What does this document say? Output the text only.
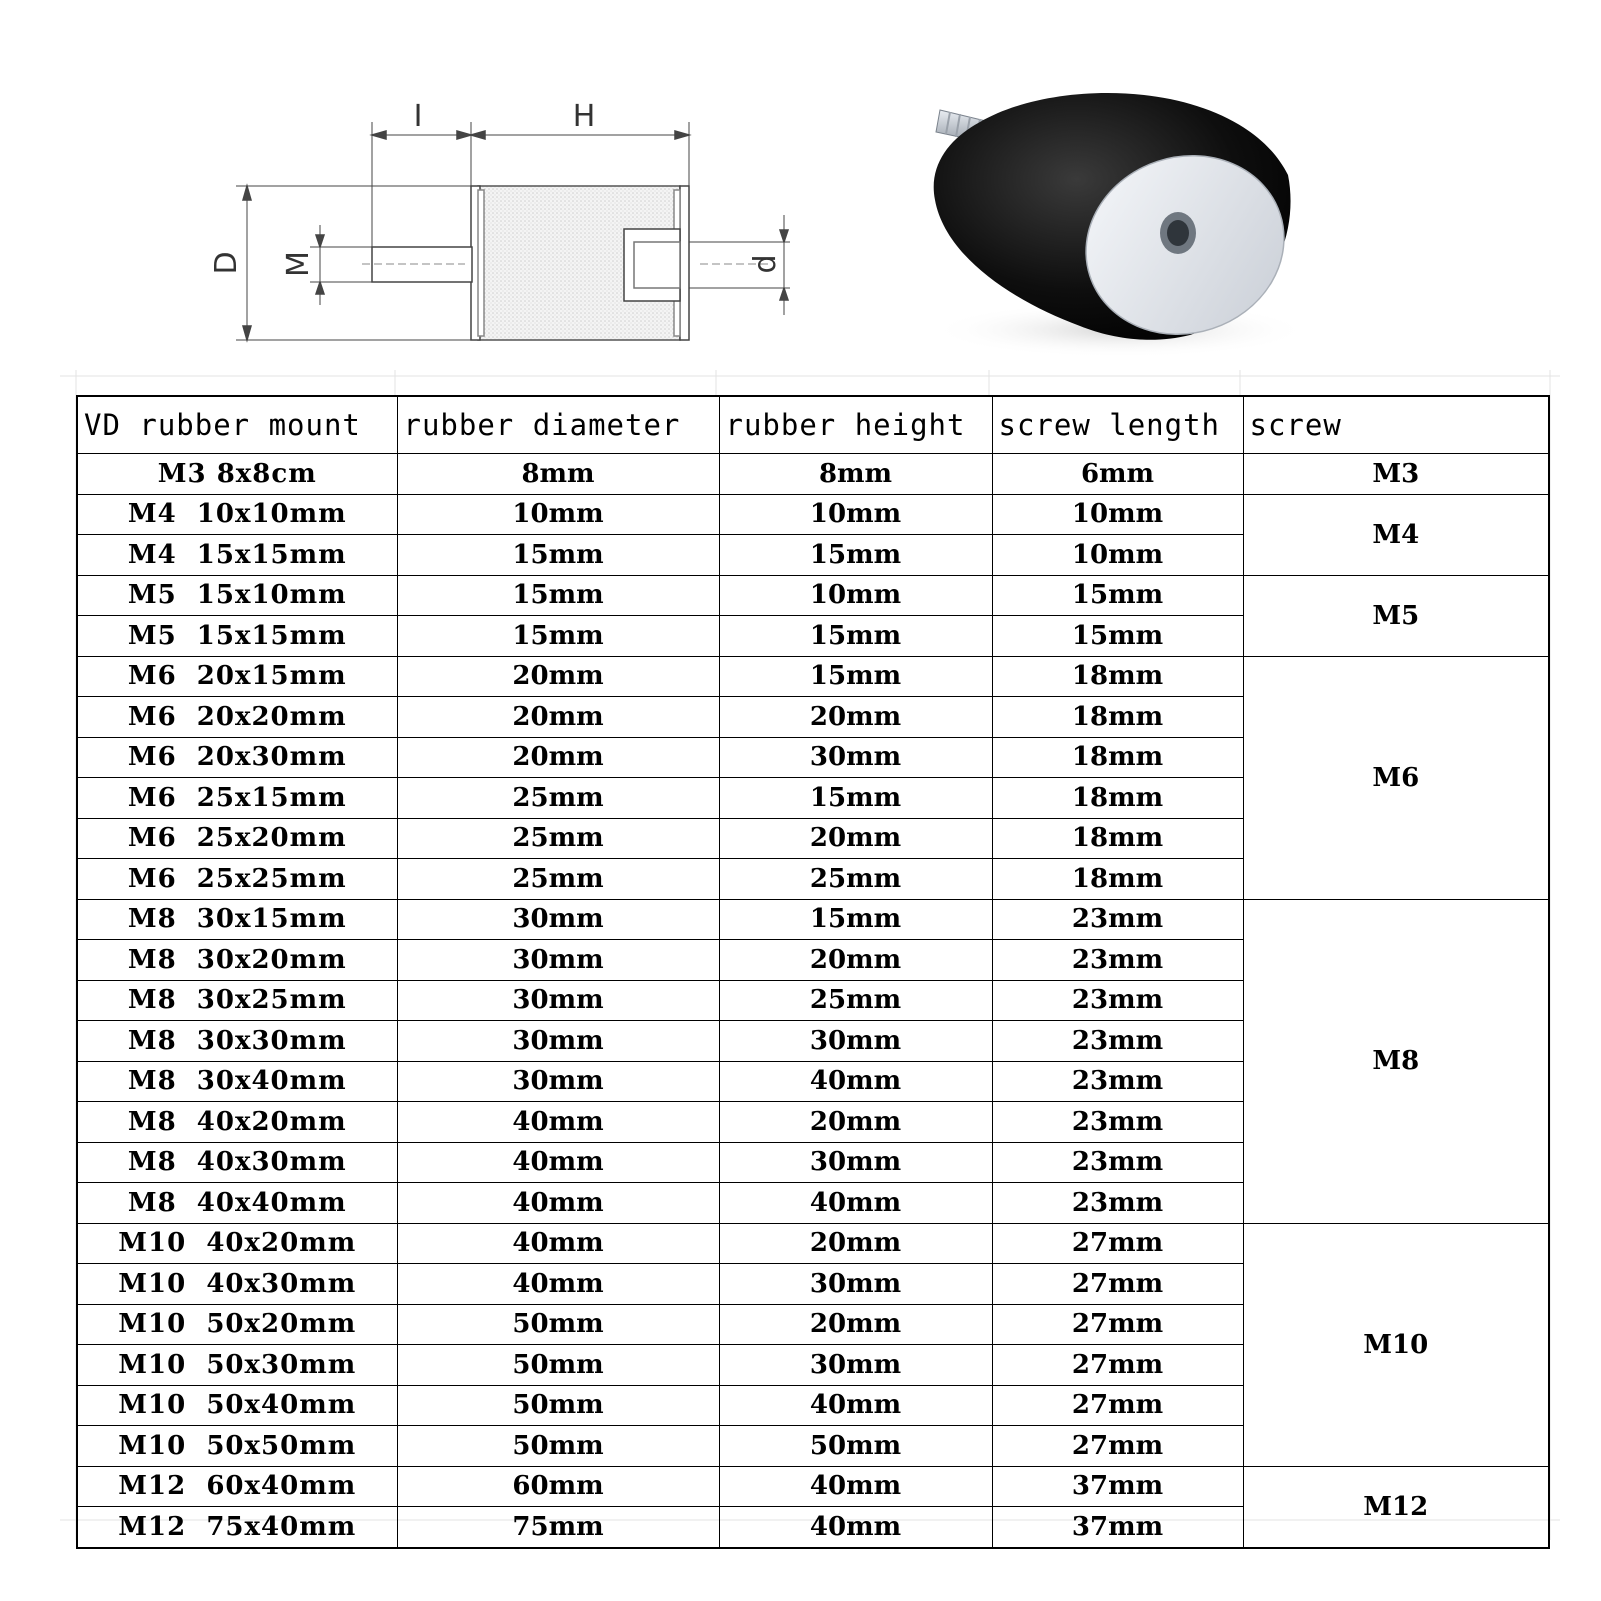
I	H
D M	d
VD rubber mount	rubber diameter	rubber height	screw length	screw
M3 8x8cm	8mm	8mm	6mm	M3
M4  10x10mm	10mm	10mm	10mm	M4
M4  15x15mm	15mm	15mm	10mm	
M5  15x10mm	15mm	10mm	15mm	M5
M5  15x15mm	15mm	15mm	15mm	
M6  20x15mm	20mm	15mm	18mm	M6
M6  20x20mm	20mm	20mm	18mm	
M6  20x30mm	20mm	30mm	18mm	
M6  25x15mm	25mm	15mm	18mm	
M6  25x20mm	25mm	20mm	18mm	
M6  25x25mm	25mm	25mm	18mm	
M8  30x15mm	30mm	15mm	23mm	M8
M8  30x20mm	30mm	20mm	23mm	
M8  30x25mm	30mm	25mm	23mm	
M8  30x30mm	30mm	30mm	23mm	
M8  30x40mm	30mm	40mm	23mm	
M8  40x20mm	40mm	20mm	23mm	
M8  40x30mm	40mm	30mm	23mm	
M8  40x40mm	40mm	40mm	23mm	
M10  40x20mm	40mm	20mm	27mm	M10
M10  40x30mm	40mm	30mm	27mm	
M10  50x20mm	50mm	20mm	27mm	
M10  50x30mm	50mm	30mm	27mm	
M10  50x40mm	50mm	40mm	27mm	
M10  50x50mm	50mm	50mm	27mm	
M12  60x40mm	60mm	40mm	37mm	M12
M12  75x40mm	75mm	40mm	37mm	
